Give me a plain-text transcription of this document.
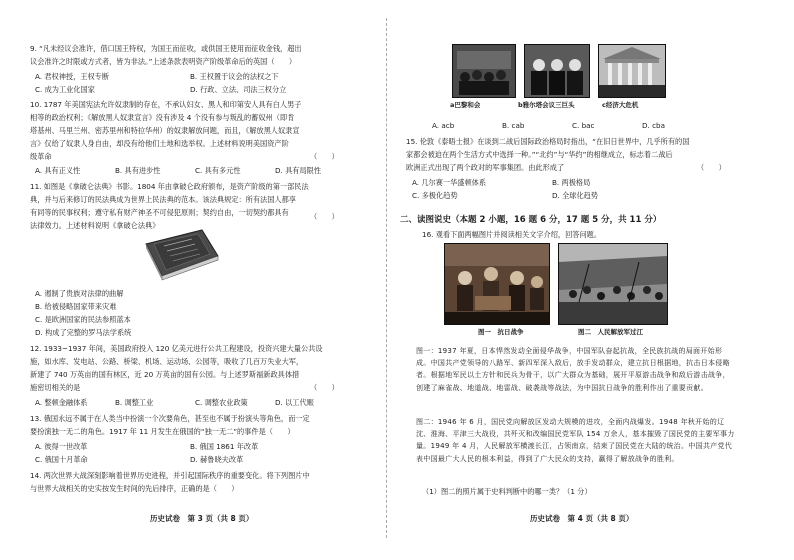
9. “凡未经议会准许，借口国王特权，为国王而征收，或供国王使用而征收金钱，超出
议会准许之时限或方式者，皆为非法。”上述条款表明资产阶级革命后的英国（　　）
A. 君权神授，王权专断	B. 王权置于议会的法权之下
C. 成为工业化国家	D. 行政、立法、司法三权分立
10. 1787 年美国宪法允许奴隶制的存在，不承认妇女、黑人和印第安人具有白人男子
相等的政治权利；《解放黑人奴隶宣言》没有涉及 4 个没有参与叛乱的蓄奴州（即肯
塔基州、马里兰州、密苏里州和特拉华州）的奴隶解放问题，而且，《解放黑人奴隶宣
言》仅给了奴隶人身自由，却没有给他们土地和选举权。上述材料说明美国资产阶
级革命	（　　）
A. 具有正义性	B. 具有进步性	C. 具有多元性	D. 具有局限性
11. 如图是《拿破仑法典》书影。1804 年由拿破仑政府颁布，是资产阶级的第一部民法
典，并与后来修订的民法典成为世界上民法典的范本。该法典规定：所有法国人都享
有同等的民事权利；遵守私有财产神圣不可侵犯原则；契约自由，一切契约都具有
法律效力。上述材料说明《拿破仑法典》
（　　）
A. 遏制了贵族对法律的曲解
B. 给被侵略国家带来灾难
C. 是欧洲国家的民法参照蓝本
D. 构成了完整的罗马法学系统
12. 1933~1937 年间，美国政府投入 120 亿美元进行公共工程建设，投资兴建大量公共设
施，如水库、发电站、公路、桥梁、机场、运动场、公园等，吸收了几百万失业大军，
新建了 740 万英亩的国有林区，近 20 万英亩的国有公园。与上述罗斯福新政具体措
施密切相关的是	（　　）
A. 整顿金融体系	B. 调整工业	C. 调整农业政策	D. 以工代赈
13. 俄国永远不属于在人类当中扮演一个次要角色，甚至也不属于扮演头等角色，而一定
要扮演独一无二的角色。1917 年 11 月发生在俄国的“独一无二”的事件是（　　）
A. 彼得一世改革	B. 俄国 1861 年改革
C. 俄国十月革命	D. 赫鲁晓夫改革
14. 两次世界大战深刻影响着世界历史进程，并引起国际秩序的重要变化。将下列图片中
与世界大战相关的史实按发生时间的先后排序，正确的是（　　）
历史试卷　第 3 页（共 8 页）
a巴黎和会	b雅尔塔会议三巨头	c经济大危机
A. acb	B. cab	C. bac	D. cba
15. 伦敦《泰晤士报》在谈到二战后国际政治格局时指出，“在旧日世界中，几乎所有的国
家都会被迫在两个生活方式中选择一种。”“北约”与“华约”的相继成立，标志着二战后
欧洲正式出现了两个政对的军事集团。由此形成了	（　　）
A. 几尔赛一华盛顿体系	B. 两极格局
C. 多极化趋势	D. 全球化趋势
二、读图说史（本题 2 小题，16 题 6 分，17 题 5 分，共 11 分）
16. 观看下面两幅图片并阅读相关文字介绍，回答问题。
图一　抗日战争	图二　人民解放军过江
图一：1937 年夏，日本悍然发动全面侵华战争，中国军队奋起抗战，全民族抗战的局面开始形成。中国共产党领导的八路军、新四军深入敌后，放手发动群众，建立抗日根据地，抗击日本侵略者。根据地军民以土方针和民兵为骨干，以广大群众为基础，展开平原游击战争和敌后游击战争，创建了麻雀战、地道战、地雷战、破袭战等战法，为中国抗日战争的胜利作出了重要贡献。
图二：1946 年 6 月，国民党向解放区发动大规模的进攻，全面内战爆发。1948 年秋开始的辽沈、淮海、平津三大战役，共歼灭和改编国民党军队 154 万余人，基本摧毁了国民党的主要军事力量。1949 年 4 月，人民解放军横渡长江，占领南京，结束了国民党在大陆的统治。中国共产党代表中国最广大人民的根本利益，得到了广大民众的支持，赢得了解放战争的胜利。
（1）图二的照片属于史料判断中的哪一类？（1 分）
历史试卷　第 4 页（共 8 页）
